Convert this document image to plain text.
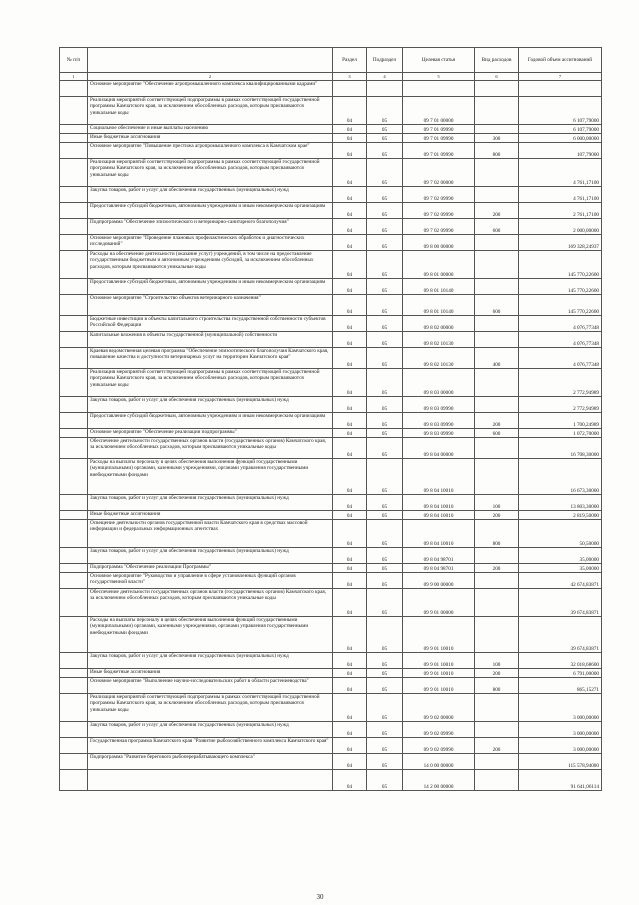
№ п/п		Раздел	Подраздел	Целевая статья	Вид расходов	Годовой объем ассигнований
1	2	3	4	5	6	7
	Основное мероприятие "Обеспечение агропромышленного комплекса квалифицированными кадрами"					
	Реализация мероприятий соответствующей подпрограммы в рамках соответствующей государственной программы Камчатского края, за исключением обособленных расходов, которым присваиваются уникальные коды	04	05	09 7 01 00000		6 107,79000
	Социальное обеспечение и иные выплаты населению	04	05	09 7 01 09990		6 107,79000
	Иные бюджетные ассигнования	04	05	09 7 01 09990	300	6 000,00000
	Основное мероприятие "Повышение престижа агропромышленного комплекса в Камчатском крае"	04	05	09 7 01 09990	800	107,79000
	Реализация мероприятий соответствующей подпрограммы в рамках соответствующей государственной программы Камчатского края, за исключением обособленных расходов, которым присваиваются уникальные коды	04	05	09 7 02 00000		4 761,17100
	Закупка товаров, работ и услуг для обеспечения государственных (муниципальных) нужд	04	05	09 7 02 09990		4 761,17100
	Предоставление субсидий бюджетным, автономным учреждениям и иным некоммерческим организациям	04	05	09 7 02 09990	200	2 761,17100
	Подпрограмма "Обеспечение эпизоотического и ветеринарно-санитарного благополучия"	04	05	09 7 02 09990	600	2 000,00000
	Основное мероприятие "Проведение плановых профилактических обработок и диагностических исследований"	04	05	09 8 00 00000		169 328,24937
	Расходы на обеспечение деятельности (оказание услуг) учреждений, в том числе на предоставление государственным бюджетным и автономным учреждениям субсидий, за исключением обособленных расходов, которым присваиваются уникальные коды	04	05	09 8 01 00000		145 770,22600
	Предоставление субсидий бюджетным, автономным учреждениям и иным некоммерческим организациям	04	05	09 8 01 10140		145 770,22600
	Основное мероприятие "Строительство объектов ветеринарного назначения"	04	05	09 8 01 10140	600	145 770,22600
	Бюджетные инвестиции в объекты капитального строительства государственной собственности субъектов Российской Федерации	04	05	09 8 02 00000		4 076,77348
	Капитальные вложения в объекты государственной (муниципальной) собственности	04	05	09 8 02 10130		4 076,77348
	Краевая ведомственная целевая программа "Обеспечение эпизоотического благополучия Камчатского края, повышение качества и доступности ветеринарных услуг на территории Камчатского края"	04	05	09 8 02 10130	400	4 076,77348
	Реализация мероприятий соответствующей подпрограммы в рамках соответствующей государственной программы Камчатского края, за исключением обособленных расходов, которым присваиваются уникальные коды	04	05	09 8 03 00000		2 772,94989
	Закупка товаров, работ и услуг для обеспечения государственных (муниципальных) нужд	04	05	09 8 03 09990		2 772,94989
	Предоставление субсидий бюджетным, автономным учреждениям и иным некоммерческим организациям	04	05	09 8 03 09990	200	1 700,24989
	Основное мероприятие "Обеспечение реализации подпрограммы"	04	05	09 8 03 09990	600	1 072,70000
	Обеспечение деятельности государственных органов власти (государственных органов) Камчатского края, за исключением обособленных расходов, которым присваиваются уникальные коды	04	05	09 8 04 00000		16 708,30000
	Расходы на выплаты персоналу в целях обеспечения выполнения функций государственными (муниципальными) органами, казенными учреждениями, органами управления государственными внебюджетными фондами	04	05	09 8 04 10010		16 673,30000
	Закупка товаров, работ и услуг для обеспечения государственных (муниципальных) нужд	04	05	09 8 04 10010	100	13 803,30000
	Иные бюджетные ассигнования	04	05	09 8 04 10010	200	2 819,50000
	Освещение деятельности органов государственной власти Камчатского края в средствах массовой информации и федеральных информационных агентствах	04	05	09 8 04 10010	800	50,50000
	Закупка товаров, работ и услуг для обеспечения государственных (муниципальных) нужд	04	05	09 8 04 98701		35,00000
	Подпрограмма "Обеспечение реализации Программы"	04	05	09 8 04 98701	200	35,00000
	Основное мероприятие "Руководство и управление в сфере установленных функций органов государственной власти"	04	05	09 9 00 00000		42 674,83871
	Обеспечение деятельности государственных органов власти (государственных органов) Камчатского края, за исключением обособленных расходов, которым присваиваются уникальные коды	04	05	09 9 01 00000		39 674,83871
	Расходы на выплаты персоналу в целях обеспечения выполнения функций государственными (муниципальными) органами, казенными учреждениями, органами управления государственными внебюджетными фондами	04	05	09 9 01 10010		39 674,83871
	Закупка товаров, работ и услуг для обеспечения государственных (муниципальных) нужд	04	05	09 9 01 10010	100	32 018,68600
	Иные бюджетные ассигнования	04	05	09 9 01 10010	200	6 791,00000
	Основное мероприятие "Выполнение научно-исследовательских работ в области растениеводства"	04	05	09 9 01 10010	800	865,15271
	Реализация мероприятий соответствующей подпрограммы в рамках соответствующей государственной программы Камчатского края, за исключением обособленных расходов, которым присваиваются уникальные коды	04	05	09 9 02 00000		3 000,00000
	Закупка товаров, работ и услуг для обеспечения государственных (муниципальных) нужд	04	05	09 9 02 09990		3 000,00000
	Государственная программа Камчатского края "Развитие рыбохозяйственного комплекса Камчатского края"	04	05	09 9 02 09990	200	3 000,00000
	Подпрограмма "Развитие берегового рыбоперерабатывающего комплекса"	04	05	14 0 00 00000		115 578,94000
		04	05	14 2 00 00000		91 641,06114
30
